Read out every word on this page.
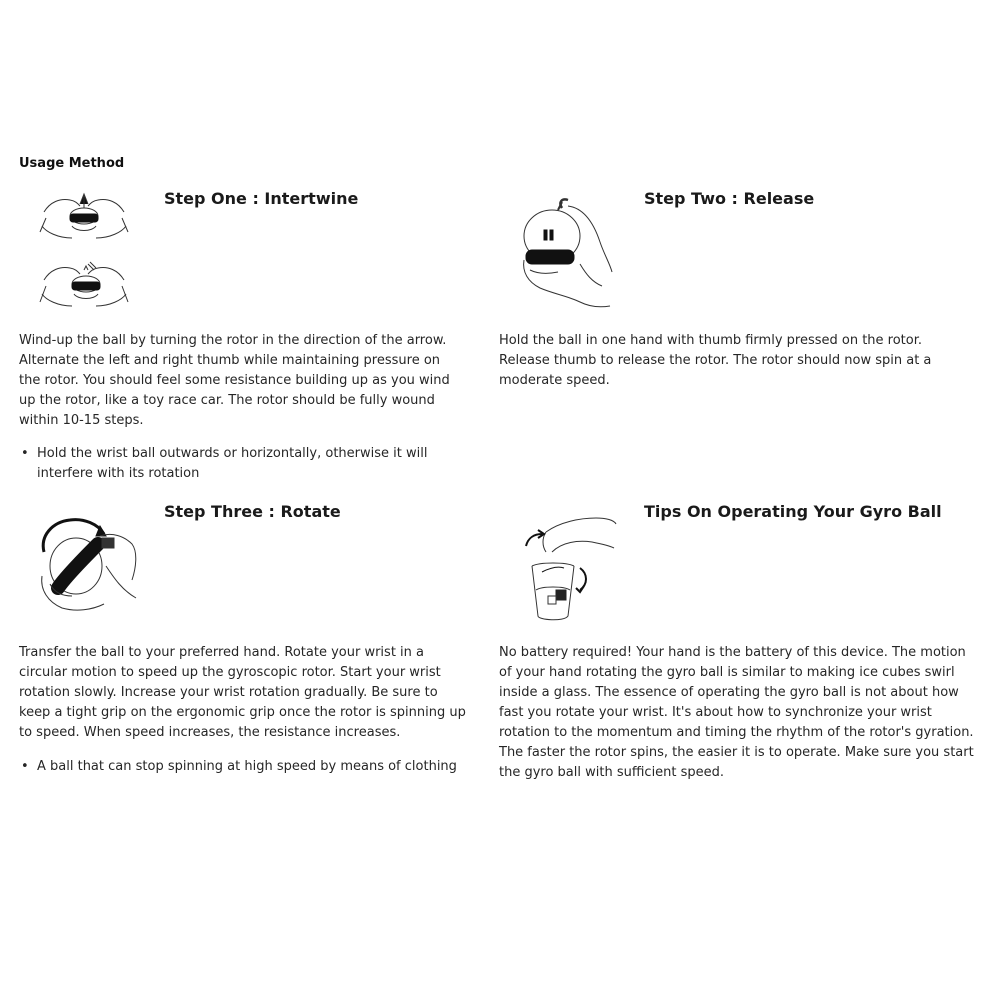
Usage Method
Step One : Intertwine

Wind-up the ball by turning the rotor in the direction of the arrow. Alternate the left and right thumb while maintaining pressure on the rotor. You should feel some resistance building up as you wind up the rotor, like a toy race car. The rotor should be fully wound within 10-15 steps.

• Hold the wrist ball outwards or horizontally, otherwise it will interfere with its rotation
Step Two : Release

Hold the ball in one hand with thumb firmly pressed on the rotor. Release thumb to release the rotor. The rotor should now spin at a moderate speed.

Step Three : Rotate

Transfer the ball to your preferred hand. Rotate your wrist in a circular motion to speed up the gyroscopic rotor. Start your wrist rotation slowly. Increase your wrist rotation gradually. Be sure to keep a tight grip on the ergonomic grip once the rotor is spinning up to speed. When speed increases, the resistance increases.

• A ball that can stop spinning at high speed by means of clothing
Tips On Operating Your Gyro Ball

No battery required! Your hand is the battery of this device. The motion of your hand rotating the gyro ball is similar to making ice cubes swirl inside a glass. The essence of operating the gyro ball is not about how fast you rotate your wrist. It's about how to synchronize your wrist rotation to the momentum and timing the rhythm of the rotor's gyration. The faster the rotor spins, the easier it is to operate. Make sure you start the gyro ball with sufficient speed.
